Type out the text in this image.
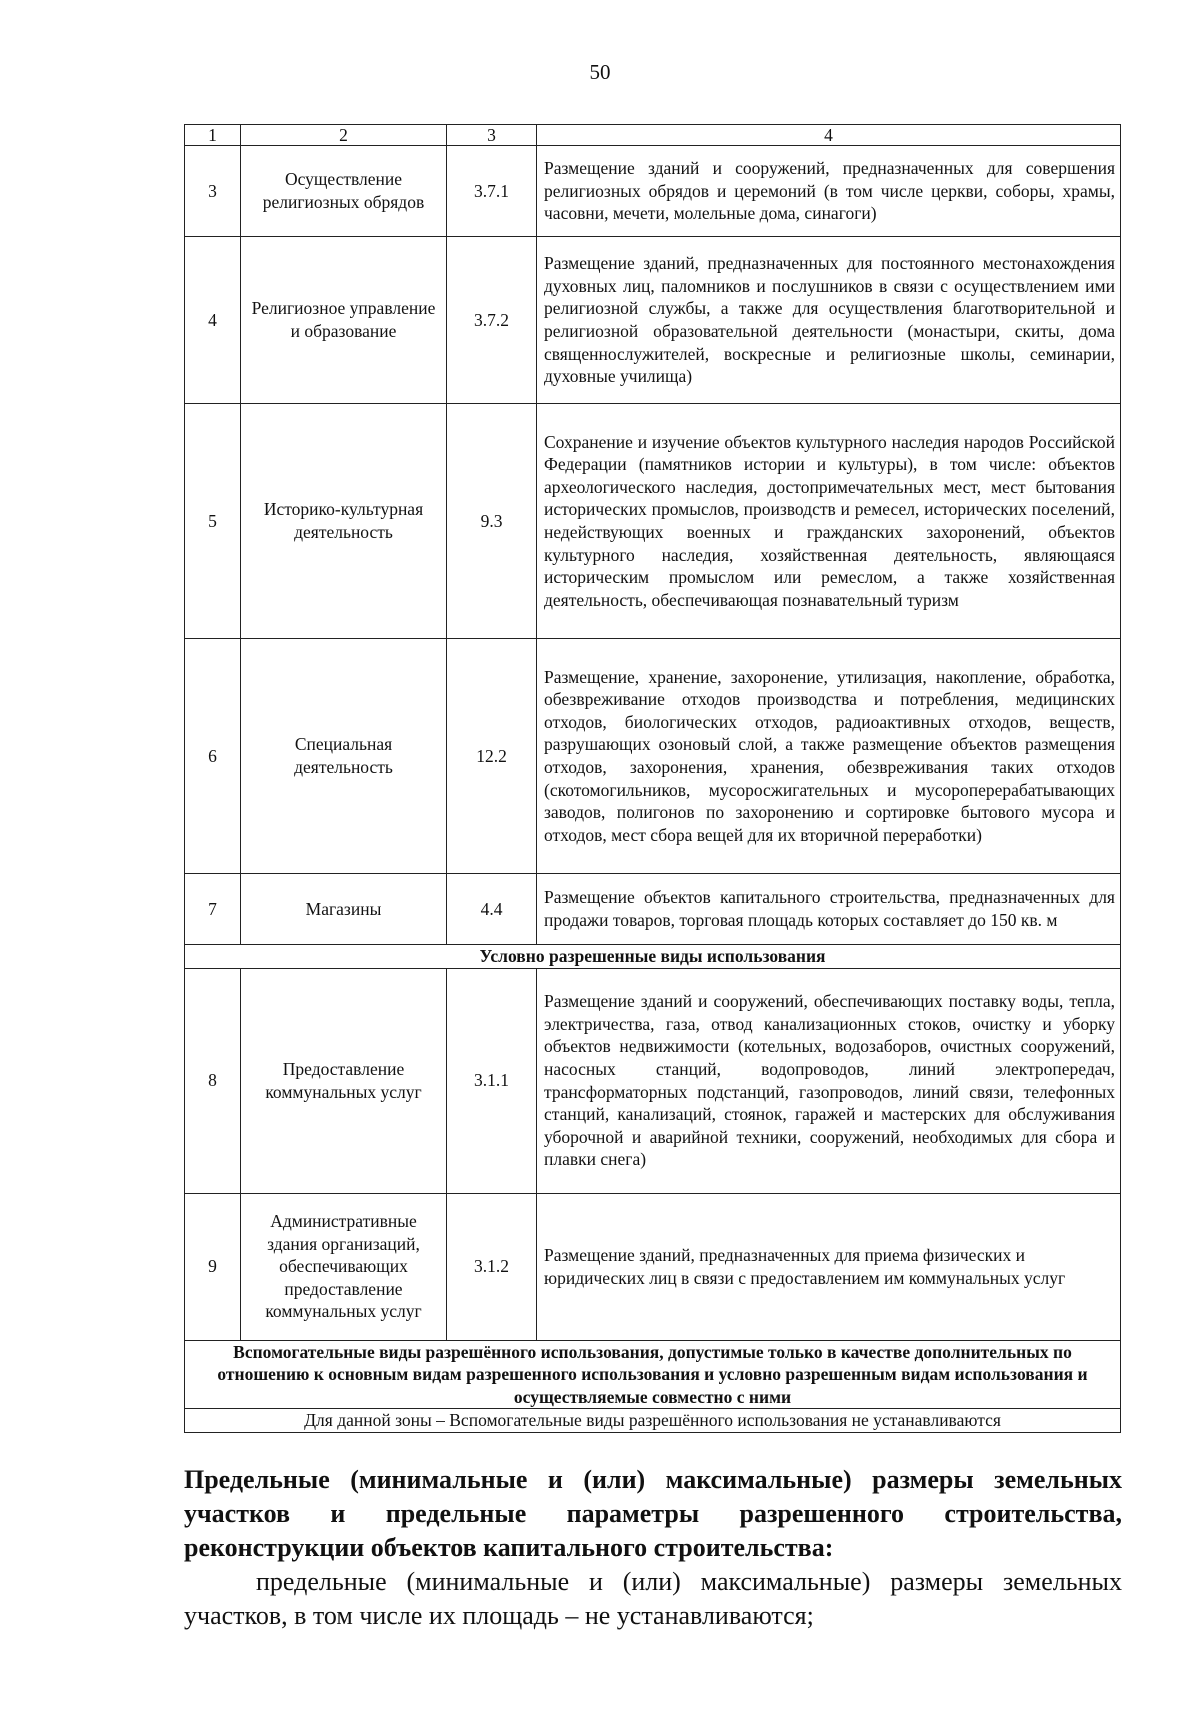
50
1	2	3	4
3	Осуществление религиозных обрядов	3.7.1	Размещение зданий и сооружений, предназначенных для совершения религиозных обрядов и церемоний (в том числе церкви, соборы, храмы, часовни, мечети, молельные дома, синагоги)
4	Религиозное управление и образование	3.7.2	Размещение зданий, предназначенных для постоянного местонахождения духовных лиц, паломников и послушников в связи с осуществлением ими религиозной службы, а также для осуществления благотворительной и религиозной образовательной деятельности (монастыри, скиты, дома священнослужителей, воскресные и религиозные школы, семинарии, духовные училища)
5	Историко-культурная деятельность	9.3	Сохранение и изучение объектов культурного наследия народов Российской Федерации (памятников истории и культуры), в том числе: объектов археологического наследия, достопримечательных мест, мест бытования исторических промыслов, производств и ремесел, исторических поселений, недействующих военных и гражданских захоронений, объектов культурного наследия, хозяйственная деятельность, являющаяся историческим промыслом или ремеслом, а также хозяйственная деятельность, обеспечивающая познавательный туризм
6	Специальная деятельность	12.2	Размещение, хранение, захоронение, утилизация, накопление, обработка, обезвреживание отходов производства и потребления, медицинских отходов, биологических отходов, радиоактивных отходов, веществ, разрушающих озоновый слой, а также размещение объектов размещения отходов, захоронения, хранения, обезвреживания таких отходов (скотомогильников, мусоросжигательных и мусороперерабатывающих заводов, полигонов по захоронению и сортировке бытового мусора и отходов, мест сбора вещей для их вторичной переработки)
7	Магазины	4.4	Размещение объектов капитального строительства, предназначенных для продажи товаров, торговая площадь которых составляет до 150 кв. м
Условно разрешенные виды использования			
8	Предоставление коммунальных услуг	3.1.1	Размещение зданий и сооружений, обеспечивающих поставку воды, тепла, электричества, газа, отвод канализационных стоков, очистку и уборку объектов недвижимости (котельных, водозаборов, очистных сооружений, насосных станций, водопроводов, линий электропередач, трансформаторных подстанций, газопроводов, линий связи, телефонных станций, канализаций, стоянок, гаражей и мастерских для обслуживания уборочной и аварийной техники, сооружений, необходимых для сбора и плавки снега)
9	Административные здания организаций, обеспечивающих предоставление коммунальных услуг	3.1.2	Размещение зданий, предназначенных для приема физических и юридических лиц в связи с предоставлением им коммунальных услуг
Вспомогательные виды разрешённого использования, допустимые только в качестве дополнительных по отношению к основным видам разрешенного использования и условно разрешенным видам использования и осуществляемые совместно с ними			
Для данной зоны – Вспомогательные виды разрешённого использования не устанавливаются			

Предельные (минимальные и (или) максимальные) размеры земельных участков и предельные параметры разрешенного строительства, реконструкции объектов капитального строительства:

предельные (минимальные и (или) максимальные) размеры земельных участков, в том числе их площадь – не устанавливаются;
